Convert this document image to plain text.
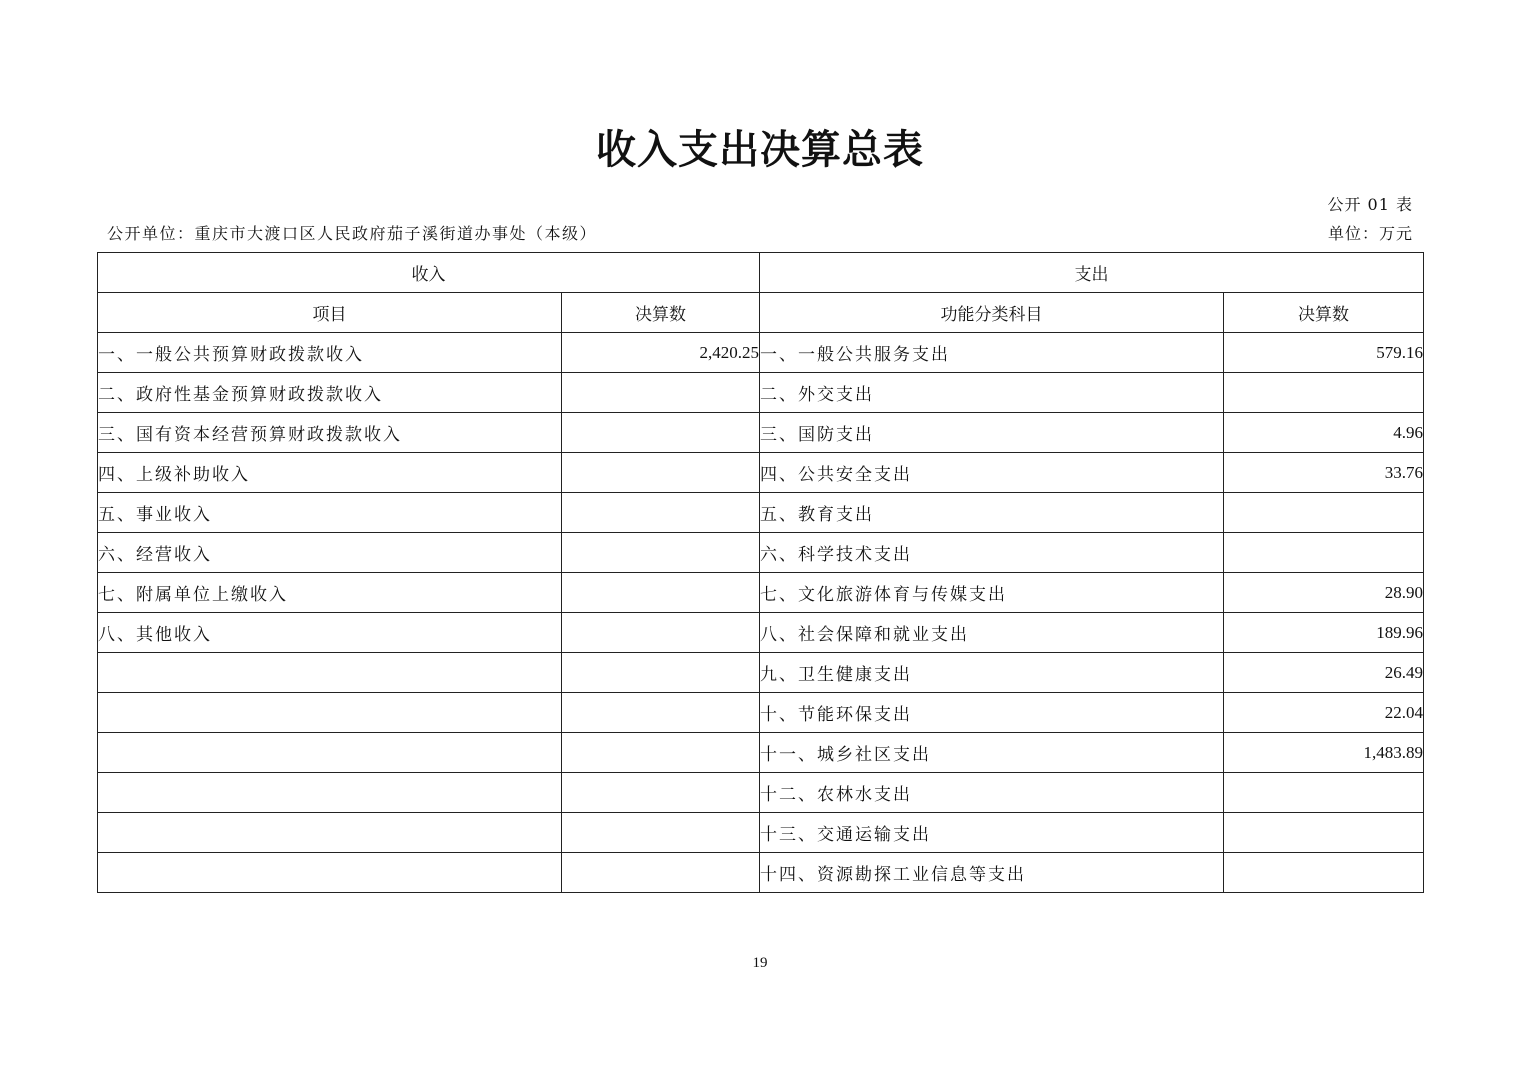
收入支出决算总表
公开 01 表
公开单位：重庆市大渡口区人民政府茄子溪街道办事处（本级）	单位：万元
收入		支出	
项目	决算数	功能分类科目	决算数
一、一般公共预算财政拨款收入	2,420.25	一、一般公共服务支出	579.16
二、政府性基金预算财政拨款收入		二、外交支出	
三、国有资本经营预算财政拨款收入		三、国防支出	4.96
四、上级补助收入		四、公共安全支出	33.76
五、事业收入		五、教育支出	
六、经营收入		六、科学技术支出	
七、附属单位上缴收入		七、文化旅游体育与传媒支出	28.90
八、其他收入		八、社会保障和就业支出	189.96
		九、卫生健康支出	26.49
		十、节能环保支出	22.04
		十一、城乡社区支出	1,483.89
		十二、农林水支出	
		十三、交通运输支出	
		十四、资源勘探工业信息等支出	
19
